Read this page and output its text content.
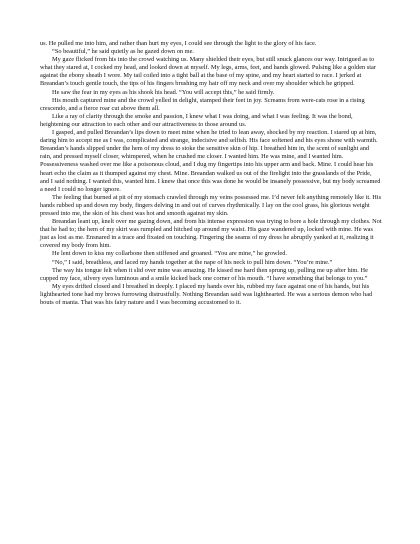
us. He pulled me into him, and rather than hurt my eyes, I could see through the light to the glory of his face.

“So beautiful,” he said quietly as he gazed down on me.

My gaze flicked from his into the crowd watching us. Many shielded their eyes, but still snuck glances our way. Intrigued as to what they stared at, I cocked my head, and looked down at myself. My legs, arms, feet, and hands glowed. Pulsing like a golden star against the ebony sheath I wore. My tail coiled into a tight ball at the base of my spine, and my heart started to race. I jerked at Breandan’s touch gentle touch, the tips of his fingers brushing my hair off my neck and over my shoulder which he gripped.

He saw the fear in my eyes as his shook his head. “You will accept this,” he said firmly.

His mouth captured mine and the crowd yelled in delight, stamped their feet in joy. Screams from were-cats rose in a rising crescendo, and a fierce roar cut above them all.

Like a ray of clarity through the smoke and passion, I knew what I was doing, and what I was feeling. It was the bond, heightening our attraction to each other and our attractiveness to those around us.

I gasped, and pulled Breandan’s lips down to meet mine when he tried to lean away, shocked by my reaction. I stared up at him, daring him to accept me as I was, complicated and strange, indecisive and selfish. His face softened and his eyes shone with warmth. Breandan’s hands slipped under the hem of my dress to stoke the sensitive skin of hip. I breathed him in, the scent of sunlight and rain, and pressed myself closer, whimpered, when he crushed me closer. I wanted him. He was mine, and I wanted him. Possessiveness washed over me like a poisonous cloud, and I dug my fingertips into his upper arm and back. Mine. I could hear his heart echo the claim as it thumped against my chest. Mine. Breandan walked us out of the firelight into the grasslands of the Pride, and I said nothing. I wanted this, wanted him. I knew that once this was done he would be insanely possessive, but my body screamed a need I could no longer ignore.

The feeling that burned at pit of my stomach crawled through my veins possessed me. I’d never felt anything remotely like it. His hands rubbed up and down my body, fingers delving in and out of curves rhythmically. I lay on the cool grass, his glorious weight pressed into me, the skin of his chest was hot and smooth against my skin.

Breandan leant up, knelt over me gazing down, and from his intense expression was trying to bore a hole through my clothes. Not that he had to; the hem of my skirt was rumpled and hitched up around my waist. His gaze wandered up, locked with mine. He was just as lost as me. Ensnared in a trace and fixated on touching. Fingering the seams of my dress he abruptly yanked at it, realizing it covered my body from him.

He lent down to kiss my collarbone then stiffened and groaned. “You are mine,” he growled.

“No,” I said, breathless, and laced my hands together at the nape of his neck to pull him down. “You’re mine.”

The way his tongue felt when it slid over mine was amazing. He kissed me hard then sprung up, pulling me up after him. He cupped my face, silvery eyes luminous and a smile kicked back one corner of his mouth. “I have something that belongs to you.”

My eyes drifted closed and I breathed in deeply. I placed my hands over his, rubbed my face against one of his hands, but his lighthearted tone had my brows furrowing distrustfully. Nothing Breandan said was lighthearted. He was a serious demon who had bouts of mania. That was his fairy nature and I was becoming accustomed to it.
